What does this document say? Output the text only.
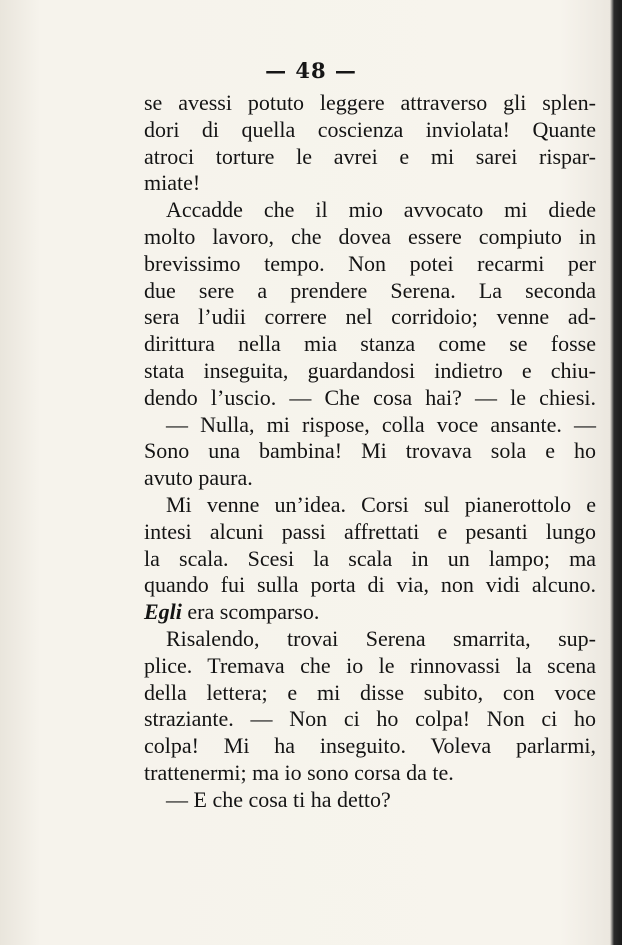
— 48 —
se avessi potuto leggere attraverso gli splen-
dori di quella coscienza inviolata! Quante
atroci torture le avrei e mi sarei rispar-
miate!
Accadde che il mio avvocato mi diede
molto lavoro, che dovea essere compiuto in
brevissimo tempo. Non potei recarmi per
due sere a prendere Serena. La seconda
sera l’udii correre nel corridoio; venne ad-
dirittura nella mia stanza come se fosse
stata inseguita, guardandosi indietro e chiu-
dendo l’uscio. — Che cosa hai? — le chiesi.
— Nulla, mi rispose, colla voce ansante. —
Sono una bambina! Mi trovava sola e ho
avuto paura.
Mi venne un’idea. Corsi sul pianerottolo e
intesi alcuni passi affrettati e pesanti lungo
la scala. Scesi la scala in un lampo; ma
quando fui sulla porta di via, non vidi alcuno.
Egli era scomparso.
Risalendo, trovai Serena smarrita, sup-
plice. Tremava che io le rinnovassi la scena
della lettera; e mi disse subito, con voce
straziante. — Non ci ho colpa! Non ci ho
colpa! Mi ha inseguito. Voleva parlarmi,
trattenermi; ma io sono corsa da te.
— E che cosa ti ha detto?
